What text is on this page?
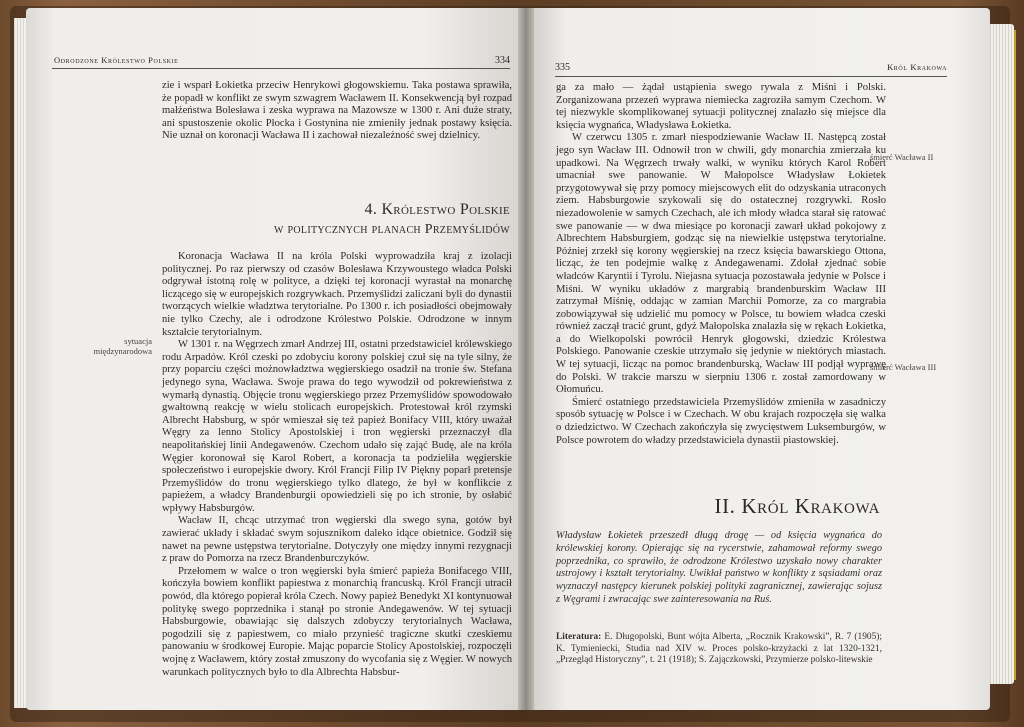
Odrodzone Królestwo Polskie	334

zie i wsparł Łokietka przeciw Henrykowi głogowskiemu. Taka postawa sprawiła, że popadł w konflikt ze swym szwagrem Wacławem II. Konsekwencją był rozpad małżeństwa Bolesława i zeska wyprawa na Mazowsze w 1300 r. Ani duże straty, ani spustoszenie okolic Płocka i Gostynina nie zmieniły jednak postawy księcia. Nie uznał on koronacji Wacława II i zachował niezależność swej dzielnicy.

4. Królestwo Polskie
w politycznych planach Przemyślidów

Koronacja Wacława II na króla Polski wyprowadziła kraj z izolacji politycznej. Po raz pierwszy od czasów Bolesława Krzywoustego władca Polski odgrywał istotną rolę w polityce, a dzięki tej koronacji wyrastał na monarchę liczącego się w europejskich rozgrywkach. Przemyślidzi zaliczani byli do dynastii tworzących wielkie władztwa terytorialne. Po 1300 r. ich posiadłości obejmowały nie tylko Czechy, ale i odrodzone Królestwo Polskie. Odrodzone w innym kształcie terytorialnym.

W 1301 r. na Węgrzech zmarł Andrzej III, ostatni przedstawiciel królewskiego rodu Arpadów. Król czeski po zdobyciu korony polskiej czuł się na tyle silny, że przy poparciu części możnowładztwa węgierskiego osadził na tronie św. Stefana jedynego syna, Wacława. Swoje prawa do tego wywodził od pokrewieństwa z wymarłą dynastią. Objęcie tronu węgierskiego przez Przemyślidów spowodowało gwałtowną reakcję w wielu stolicach europejskich. Protestował król rzymski Albrecht Habsburg, w spór wmieszał się też papież Bonifacy VIII, który uważał Węgry za lenno Stolicy Apostolskiej i tron węgierski przeznaczył dla neapolitańskiej linii Andegawenów. Czechom udało się zająć Budę, ale na króla Węgier koronował się Karol Robert, a koronacja ta podzieliła węgierskie społeczeństwo i europejskie dwory. Król Francji Filip IV Piękny poparł pretensje Przemyślidów do tronu węgierskiego tylko dlatego, że był w konflikcie z papieżem, a władcy Brandenburgii opowiedzieli się po ich stronie, by osłabić wpływy Habsburgów.

Wacław II, chcąc utrzymać tron węgierski dla swego syna, gotów był zawierać układy i składać swym sojusznikom daleko idące obietnice. Godził się nawet na pewne ustępstwa terytorialne. Dotyczyły one między innymi rezygnacji z praw do Pomorza na rzecz Brandenburczyków.

Przełomem w walce o tron węgierski była śmierć papieża Bonifacego VIII, kończyła bowiem konflikt papiestwa z monarchią francuską. Król Francji utracił powód, dla którego popierał króla Czech. Nowy papież Benedykt XI kontynuował politykę swego poprzednika i stanął po stronie Andegawenów. W tej sytuacji Habsburgowie, obawiając się dalszych zdobyczy terytorialnych Wacława, pogodzili się z papiestwem, co miało przynieść tragiczne skutki czeskiemu panowaniu w środkowej Europie. Mając poparcie Stolicy Apostolskiej, rozpoczęli wojnę z Wacławem, który został zmuszony do wycofania się z Węgier. W nowych warunkach politycznych było to dla Albrechta Habsbur-

sytuacja międzynarodowa
335	Król Krakowa

ga za mało — żądał ustąpienia swego rywala z Miśni i Polski. Zorganizowana przezeń wyprawa niemiecka zagroziła samym Czechom. W tej niezwykle skomplikowanej sytuacji politycznej znalazło się miejsce dla księcia wygnańca, Władysława Łokietka.

W czerwcu 1305 r. zmarł niespodziewanie Wacław II. Następcą został jego syn Wacław III. Odnowił tron w chwili, gdy monarchia zmierzała ku upadkowi. Na Węgrzech trwały walki, w wyniku których Karol Robert umacniał swe panowanie. W Małopolsce Władysław Łokietek przygotowywał się przy pomocy miejscowych elit do odzyskania utraconych ziem. Habsburgowie szykowali się do ostatecznej rozgrywki. Rosło niezadowolenie w samych Czechach, ale ich młody władca starał się ratować swe panowanie — w dwa miesiące po koronacji zawarł układ pokojowy z Albrechtem Habsburgiem, godząc się na niewielkie ustępstwa terytorialne. Później zrzekł się korony węgierskiej na rzecz księcia bawarskiego Ottona, licząc, że ten podejmie walkę z Andegawenami. Zdołał zjednać sobie władców Karyntii i Tyrolu. Niejasna sytuacja pozostawała jedynie w Polsce i Miśni. W wyniku układów z margrabią brandenburskim Wacław III zatrzymał Miśnię, oddając w zamian Marchii Pomorze, za co margrabia zobowiązywał się udzielić mu pomocy w Polsce, tu bowiem władca czeski również zaczął tracić grunt, gdyż Małopolska znalazła się w rękach Łokietka, a do Wielkopolski powrócił Henryk głogowski, dziedzic Królestwa Polskiego. Panowanie czeskie utrzymało się jedynie w niektórych miastach. W tej sytuacji, licząc na pomoc brandenburską, Wacław III podjął wyprawę do Polski. W trakcie marszu w sierpniu 1306 r. został zamordowany w Ołomuńcu.

Śmierć ostatniego przedstawiciela Przemyślidów zmieniła w zasadniczy sposób sytuację w Polsce i w Czechach. W obu krajach rozpoczęła się walka o dziedzictwo. W Czechach zakończyła się zwycięstwem Luksemburgów, w Polsce powrotem do władzy przedstawiciela dynastii piastowskiej.

śmierć Wacława II
śmierć Wacława III
II. Król Krakowa
Władysław Łokietek przeszedł długą drogę — od księcia wygnańca do królewskiej korony. Opierając się na rycerstwie, zahamował reformy swego poprzednika, co sprawiło, że odrodzone Królestwo uzyskało nowy charakter ustrojowy i kształt terytorialny. Uwikłał państwo w konflikty z sąsiadami oraz wyznaczył następcy kierunek polskiej polityki zagranicznej, zawierając sojusz z Węgrami i zwracając swe zainteresowania na Ruś.
Literatura: E. Długopolski, Bunt wójta Alberta, „Rocznik Krakowski”, R. 7 (1905); K. Tymieniecki, Studia nad XIV w. Proces polsko-krzyżacki z lat 1320-1321, „Przegląd Historyczny”, t. 21 (1918); S. Zajączkowski, Przymierze polsko-litewskie
